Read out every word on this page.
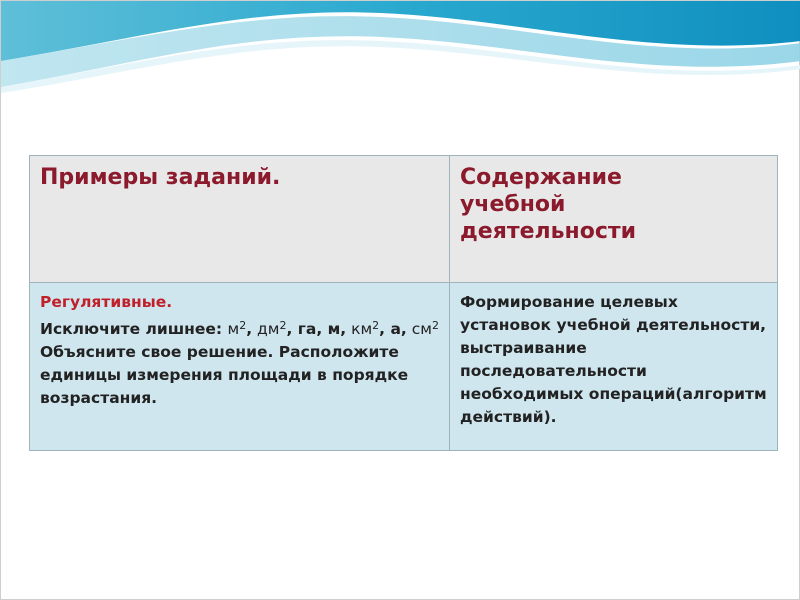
Примеры заданий.	Содержание учебной деятельности

Регулятивные.
Исключите лишнее: $м^2$, $дм^2$, га, м, $км^2$, а, $см^2$
Объясните свое решение. Расположите единицы измерения площади в порядке возрастания.	Формирование целевых установок учебной деятельности, выстраивание последовательности необходимых операций(алгоритм действий).
